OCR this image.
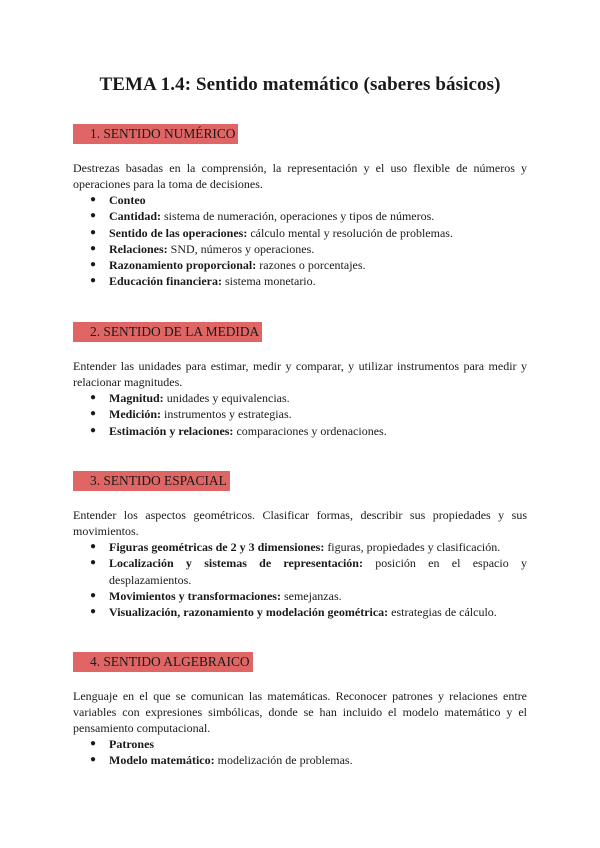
TEMA 1.4: Sentido matemático (saberes básicos)
1. SENTIDO NUMÉRICO

Destrezas basadas en la comprensión, la representación y el uso flexible de números y operaciones para la toma de decisiones.

● Conteo
● Cantidad: sistema de numeración, operaciones y tipos de números.
● Sentido de las operaciones: cálculo mental y resolución de problemas.
● Relaciones: SND, números y operaciones.
● Razonamiento proporcional: razones o porcentajes.
● Educación financiera: sistema monetario.
2. SENTIDO DE LA MEDIDA

Entender las unidades para estimar, medir y comparar, y utilizar instrumentos para medir y relacionar magnitudes.

● Magnitud: unidades y equivalencias.
● Medición: instrumentos y estrategias.
● Estimación y relaciones: comparaciones y ordenaciones.
3. SENTIDO ESPACIAL

Entender los aspectos geométricos. Clasificar formas, describir sus propiedades y sus movimientos.

● Figuras geométricas de 2 y 3 dimensiones: figuras, propiedades y clasificación.
● Localización y sistemas de representación: posición en el espacio y desplazamientos.
● Movimientos y transformaciones: semejanzas.
● Visualización, razonamiento y modelación geométrica: estrategias de cálculo.
4. SENTIDO ALGEBRAICO

Lenguaje en el que se comunican las matemáticas. Reconocer patrones y relaciones entre variables con expresiones simbólicas, donde se han incluido el modelo matemático y el pensamiento computacional.

● Patrones
● Modelo matemático: modelización de problemas.
